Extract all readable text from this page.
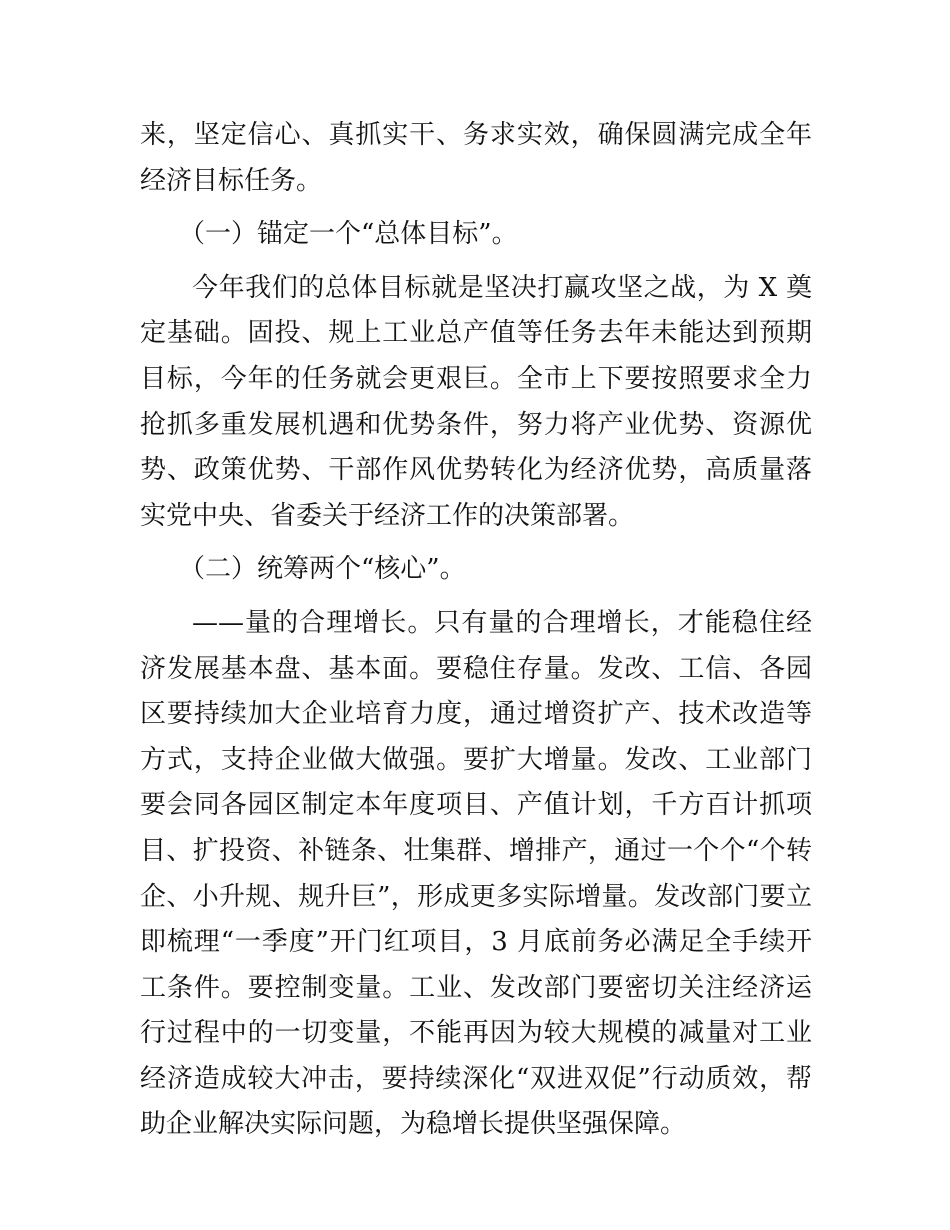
来，坚定信心、真抓实干、务求实效，确保圆满完成全年经济目标任务。

（一）锚定一个“总体目标”。

今年我们的总体目标就是坚决打赢攻坚之战，为 X 奠定基础。固投、规上工业总产值等任务去年未能达到预期目标，今年的任务就会更艰巨。全市上下要按照要求全力抢抓多重发展机遇和优势条件，努力将产业优势、资源优势、政策优势、干部作风优势转化为经济优势，高质量落实党中央、省委关于经济工作的决策部署。

（二）统筹两个“核心”。

——量的合理增长。只有量的合理增长，才能稳住经济发展基本盘、基本面。要稳住存量。发改、工信、各园区要持续加大企业培育力度，通过增资扩产、技术改造等方式，支持企业做大做强。要扩大增量。发改、工业部门要会同各园区制定本年度项目、产值计划，千方百计抓项目、扩投资、补链条、壮集群、增排产，通过一个个“个转企、小升规、规升巨”，形成更多实际增量。发改部门要立即梳理“一季度”开门红项目，3 月底前务必满足全手续开工条件。要控制变量。工业、发改部门要密切关注经济运行过程中的一切变量，不能再因为较大规模的减量对工业经济造成较大冲击，要持续深化“双进双促”行动质效，帮助企业解决实际问题，为稳增长提供坚强保障。
